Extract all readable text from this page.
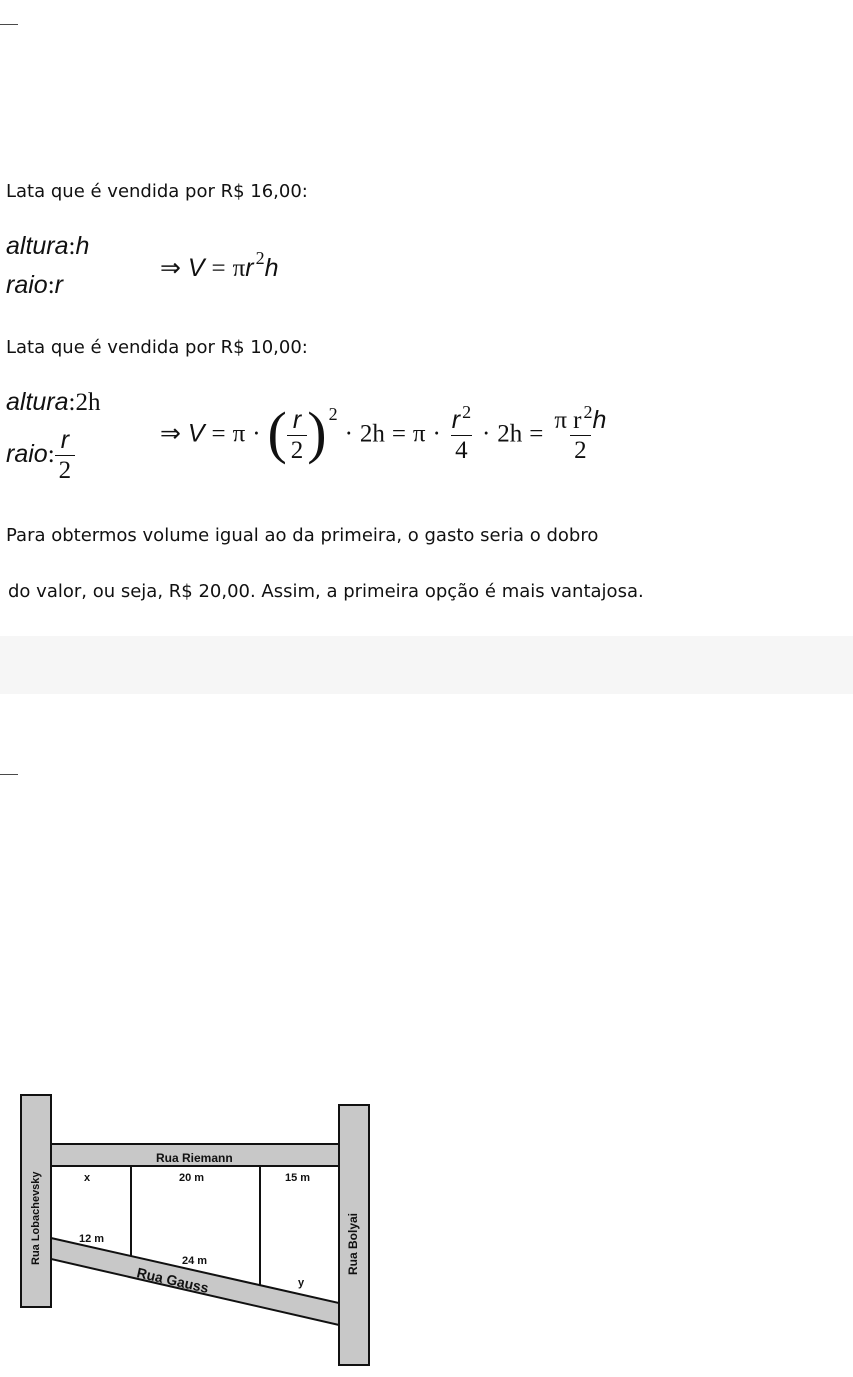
Lata que é vendida por R$ 16,00:
altura:h
raio:r
⇒ V = πr $^2$h
Lata que é vendida por R$ 10,00:
altura:2h
raio: $\frac{r}{2}$	⇒ V = π · ( $\frac{r}{2}$ ) $^2 \cdot 2h = \pi \cdot \frac{r ^2}{4} \cdot 2h = \frac{\pi r ^2h}{2}$
Para obtermos volume igual ao da primeira, o gasto seria o dobro
do valor, ou seja, R$ 20,00. Assim, a primeira opção é mais vantajosa.
Rua Riemann
Rua Lobachevsky	Rua Bolyai
Rua Gauss
x	20 m	15 m
12 m
24 m
y
